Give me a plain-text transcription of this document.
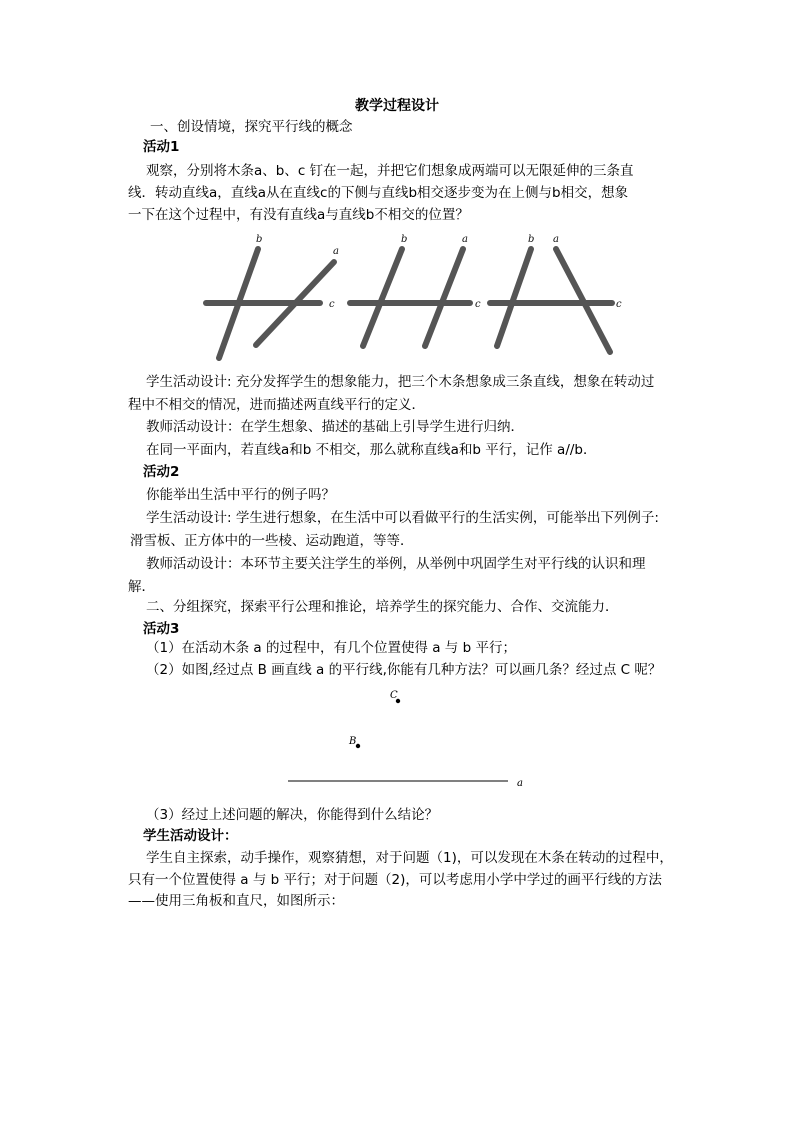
教学过程设计
一、创设情境，探究平行线的概念
活动1
观察，分别将木条a、b、c 钉在一起，并把它们想象成两端可以无限延伸的三条直
线．转动直线a，直线a从在直线c的下侧与直线b相交逐步变为在上侧与b相交，想象
一下在这个过程中，有没有直线a与直线b不相交的位置？
b
a
c
b	a
c
b a
c
C
B
a
学生活动设计: 充分发挥学生的想象能力，把三个木条想象成三条直线，想象在转动过
程中不相交的情况，进而描述两直线平行的定义．
教师活动设计：在学生想象、描述的基础上引导学生进行归纳．
在同一平面内，若直线a和b 不相交，那么就称直线a和b 平行，记作 a//b．
活动2
你能举出生活中平行的例子吗？
学生活动设计: 学生进行想象，在生活中可以看做平行的生活实例，可能举出下列例子:
滑雪板、正方体中的一些棱、运动跑道，等等．
教师活动设计：本环节主要关注学生的举例，从举例中巩固学生对平行线的认识和理
解．
二、分组探究，探索平行公理和推论，培养学生的探究能力、合作、交流能力．
活动3
（1）在活动木条 a 的过程中，有几个位置使得 a 与 b 平行；
（2）如图,经过点 B 画直线 a 的平行线,你能有几种方法？可以画几条？经过点 C 呢？
（3）经过上述问题的解决，你能得到什么结论？
学生活动设计：
学生自主探索，动手操作，观察猜想，对于问题（1)，可以发现在木条在转动的过程中，
只有一个位置使得 a 与 b 平行；对于问题（2)，可以考虑用小学中学过的画平行线的方法
——使用三角板和直尺，如图所示：
